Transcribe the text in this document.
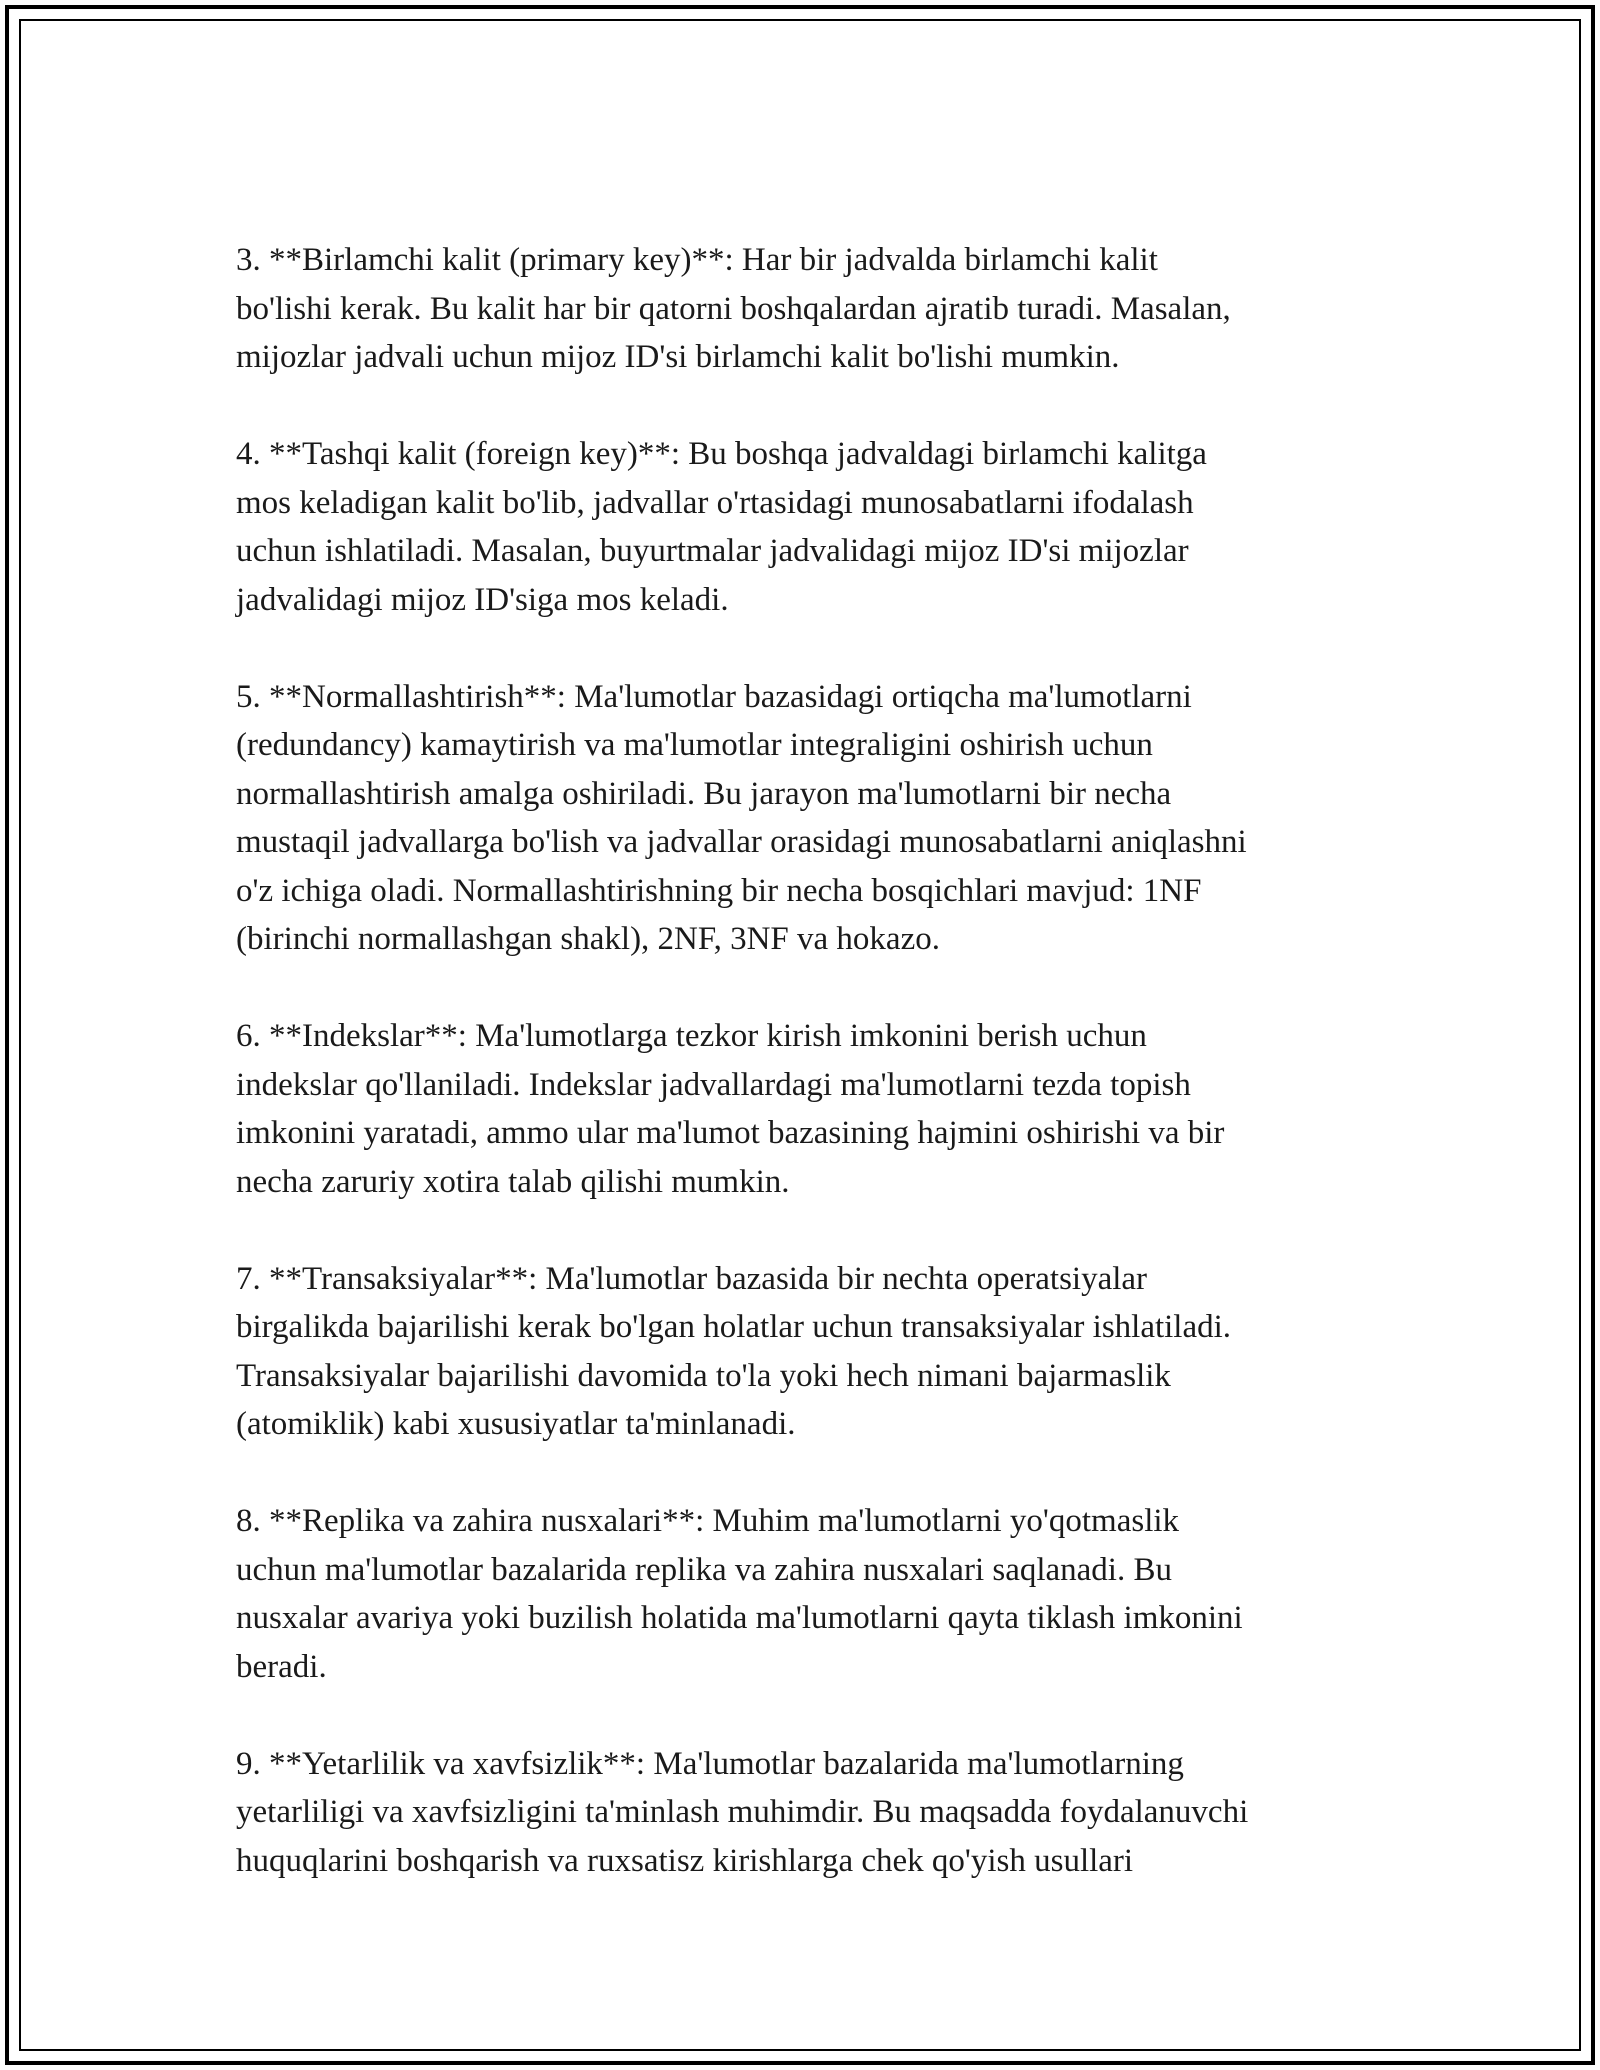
3. **Birlamchi kalit (primary key)**: Har bir jadvalda birlamchi kalit
bo'lishi kerak. Bu kalit har bir qatorni boshqalardan ajratib turadi. Masalan,
mijozlar jadvali uchun mijoz ID'si birlamchi kalit bo'lishi mumkin.

4. **Tashqi kalit (foreign key)**: Bu boshqa jadvaldagi birlamchi kalitga
mos keladigan kalit bo'lib, jadvallar o'rtasidagi munosabatlarni ifodalash
uchun ishlatiladi. Masalan, buyurtmalar jadvalidagi mijoz ID'si mijozlar
jadvalidagi mijoz ID'siga mos keladi.

5. **Normallashtirish**: Ma'lumotlar bazasidagi ortiqcha ma'lumotlarni
(redundancy) kamaytirish va ma'lumotlar integraligini oshirish uchun
normallashtirish amalga oshiriladi. Bu jarayon ma'lumotlarni bir necha
mustaqil jadvallarga bo'lish va jadvallar orasidagi munosabatlarni aniqlashni
o'z ichiga oladi. Normallashtirishning bir necha bosqichlari mavjud: 1NF
(birinchi normallashgan shakl), 2NF, 3NF va hokazo.

6. **Indekslar**: Ma'lumotlarga tezkor kirish imkonini berish uchun
indekslar qo'llaniladi. Indekslar jadvallardagi ma'lumotlarni tezda topish
imkonini yaratadi, ammo ular ma'lumot bazasining hajmini oshirishi va bir
necha zaruriy xotira talab qilishi mumkin.

7. **Transaksiyalar**: Ma'lumotlar bazasida bir nechta operatsiyalar
birgalikda bajarilishi kerak bo'lgan holatlar uchun transaksiyalar ishlatiladi.
Transaksiyalar bajarilishi davomida to'la yoki hech nimani bajarmaslik
(atomiklik) kabi xususiyatlar ta'minlanadi.

8. **Replika va zahira nusxalari**: Muhim ma'lumotlarni yo'qotmaslik
uchun ma'lumotlar bazalarida replika va zahira nusxalari saqlanadi. Bu
nusxalar avariya yoki buzilish holatida ma'lumotlarni qayta tiklash imkonini
beradi.

9. **Yetarlilik va xavfsizlik**: Ma'lumotlar bazalarida ma'lumotlarning
yetarliligi va xavfsizligini ta'minlash muhimdir. Bu maqsadda foydalanuvchi
huquqlarini boshqarish va ruxsatisz kirishlarga chek qo'yish usullari
